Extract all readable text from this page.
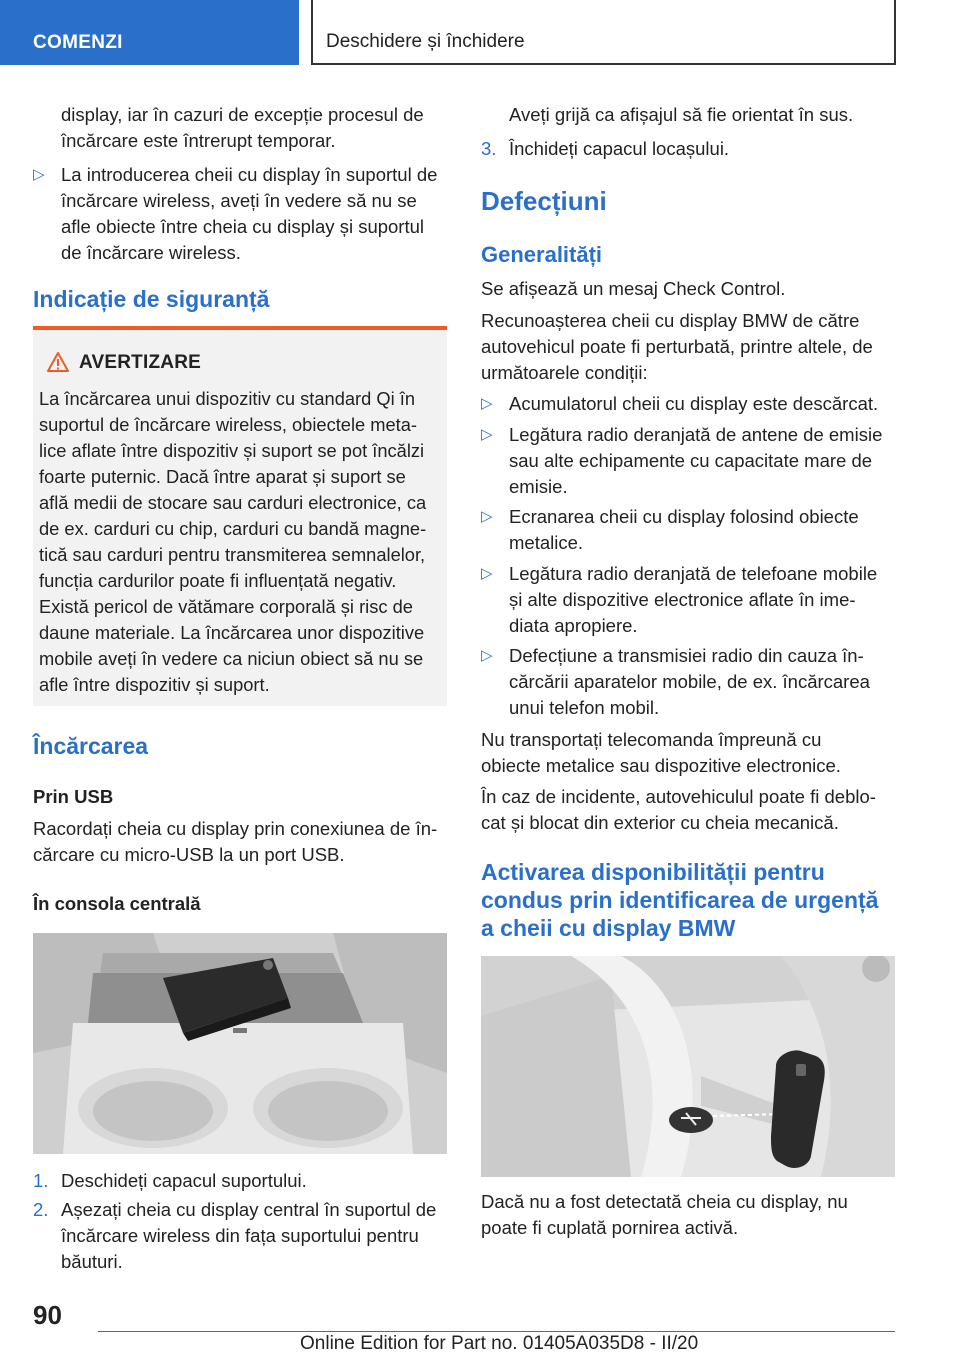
COMENZI	Deschidere și închidere
display, iar în cazuri de excepție procesul de
încărcare este întrerupt temporar.
▷ La introducerea cheii cu display în suportul de
încărcare wireless, aveți în vedere să nu se
afle obiecte între cheia cu display și suportul
de încărcare wireless.
Indicație de siguranță
AVERTIZARE
La încărcarea unui dispozitiv cu standard Qi în
suportul de încărcare wireless, obiectele meta-
lice aflate între dispozitiv și suport se pot încălzi
foarte puternic. Dacă între aparat și suport se
află medii de stocare sau carduri electronice, ca
de ex. carduri cu chip, carduri cu bandă magne-
tică sau carduri pentru transmiterea semnalelor,
funcția cardurilor poate fi influențată negativ.
Există pericol de vătămare corporală și risc de
daune materiale. La încărcarea unor dispozitive
mobile aveți în vedere ca niciun obiect să nu se
afle între dispozitiv și suport.
Încărcarea
Prin USB
Racordați cheia cu display prin conexiunea de în-
cărcare cu micro-USB la un port USB.
În consola centrală
1. Deschideți capacul suportului.
2. Așezați cheia cu display central în suportul de
încărcare wireless din fața suportului pentru
băuturi.
Aveți grijă ca afișajul să fie orientat în sus.
3. Închideți capacul locașului.
Defecțiuni
Generalități
Se afișează un mesaj Check Control.
Recunoașterea cheii cu display BMW de către
autovehicul poate fi perturbată, printre altele, de
următoarele condiții:
▷ Acumulatorul cheii cu display este descărcat.
▷ Legătura radio deranjată de antene de emisie
sau alte echipamente cu capacitate mare de
emisie.
▷ Ecranarea cheii cu display folosind obiecte
metalice.
▷ Legătura radio deranjată de telefoane mobile
și alte dispozitive electronice aflate în ime-
diata apropiere.
▷ Defecțiune a transmisiei radio din cauza în-
cărcării aparatelor mobile, de ex. încărcarea
unui telefon mobil.
Nu transportați telecomanda împreună cu
obiecte metalice sau dispozitive electronice.
În caz de incidente, autovehiculul poate fi deblo-
cat și blocat din exterior cu cheia mecanică.
Activarea disponibilității pentru
condus prin identificarea de urgență
a cheii cu display BMW
Dacă nu a fost detectată cheia cu display, nu
poate fi cuplată pornirea activă.
90
Online Edition for Part no. 01405A035D8 - II/20
